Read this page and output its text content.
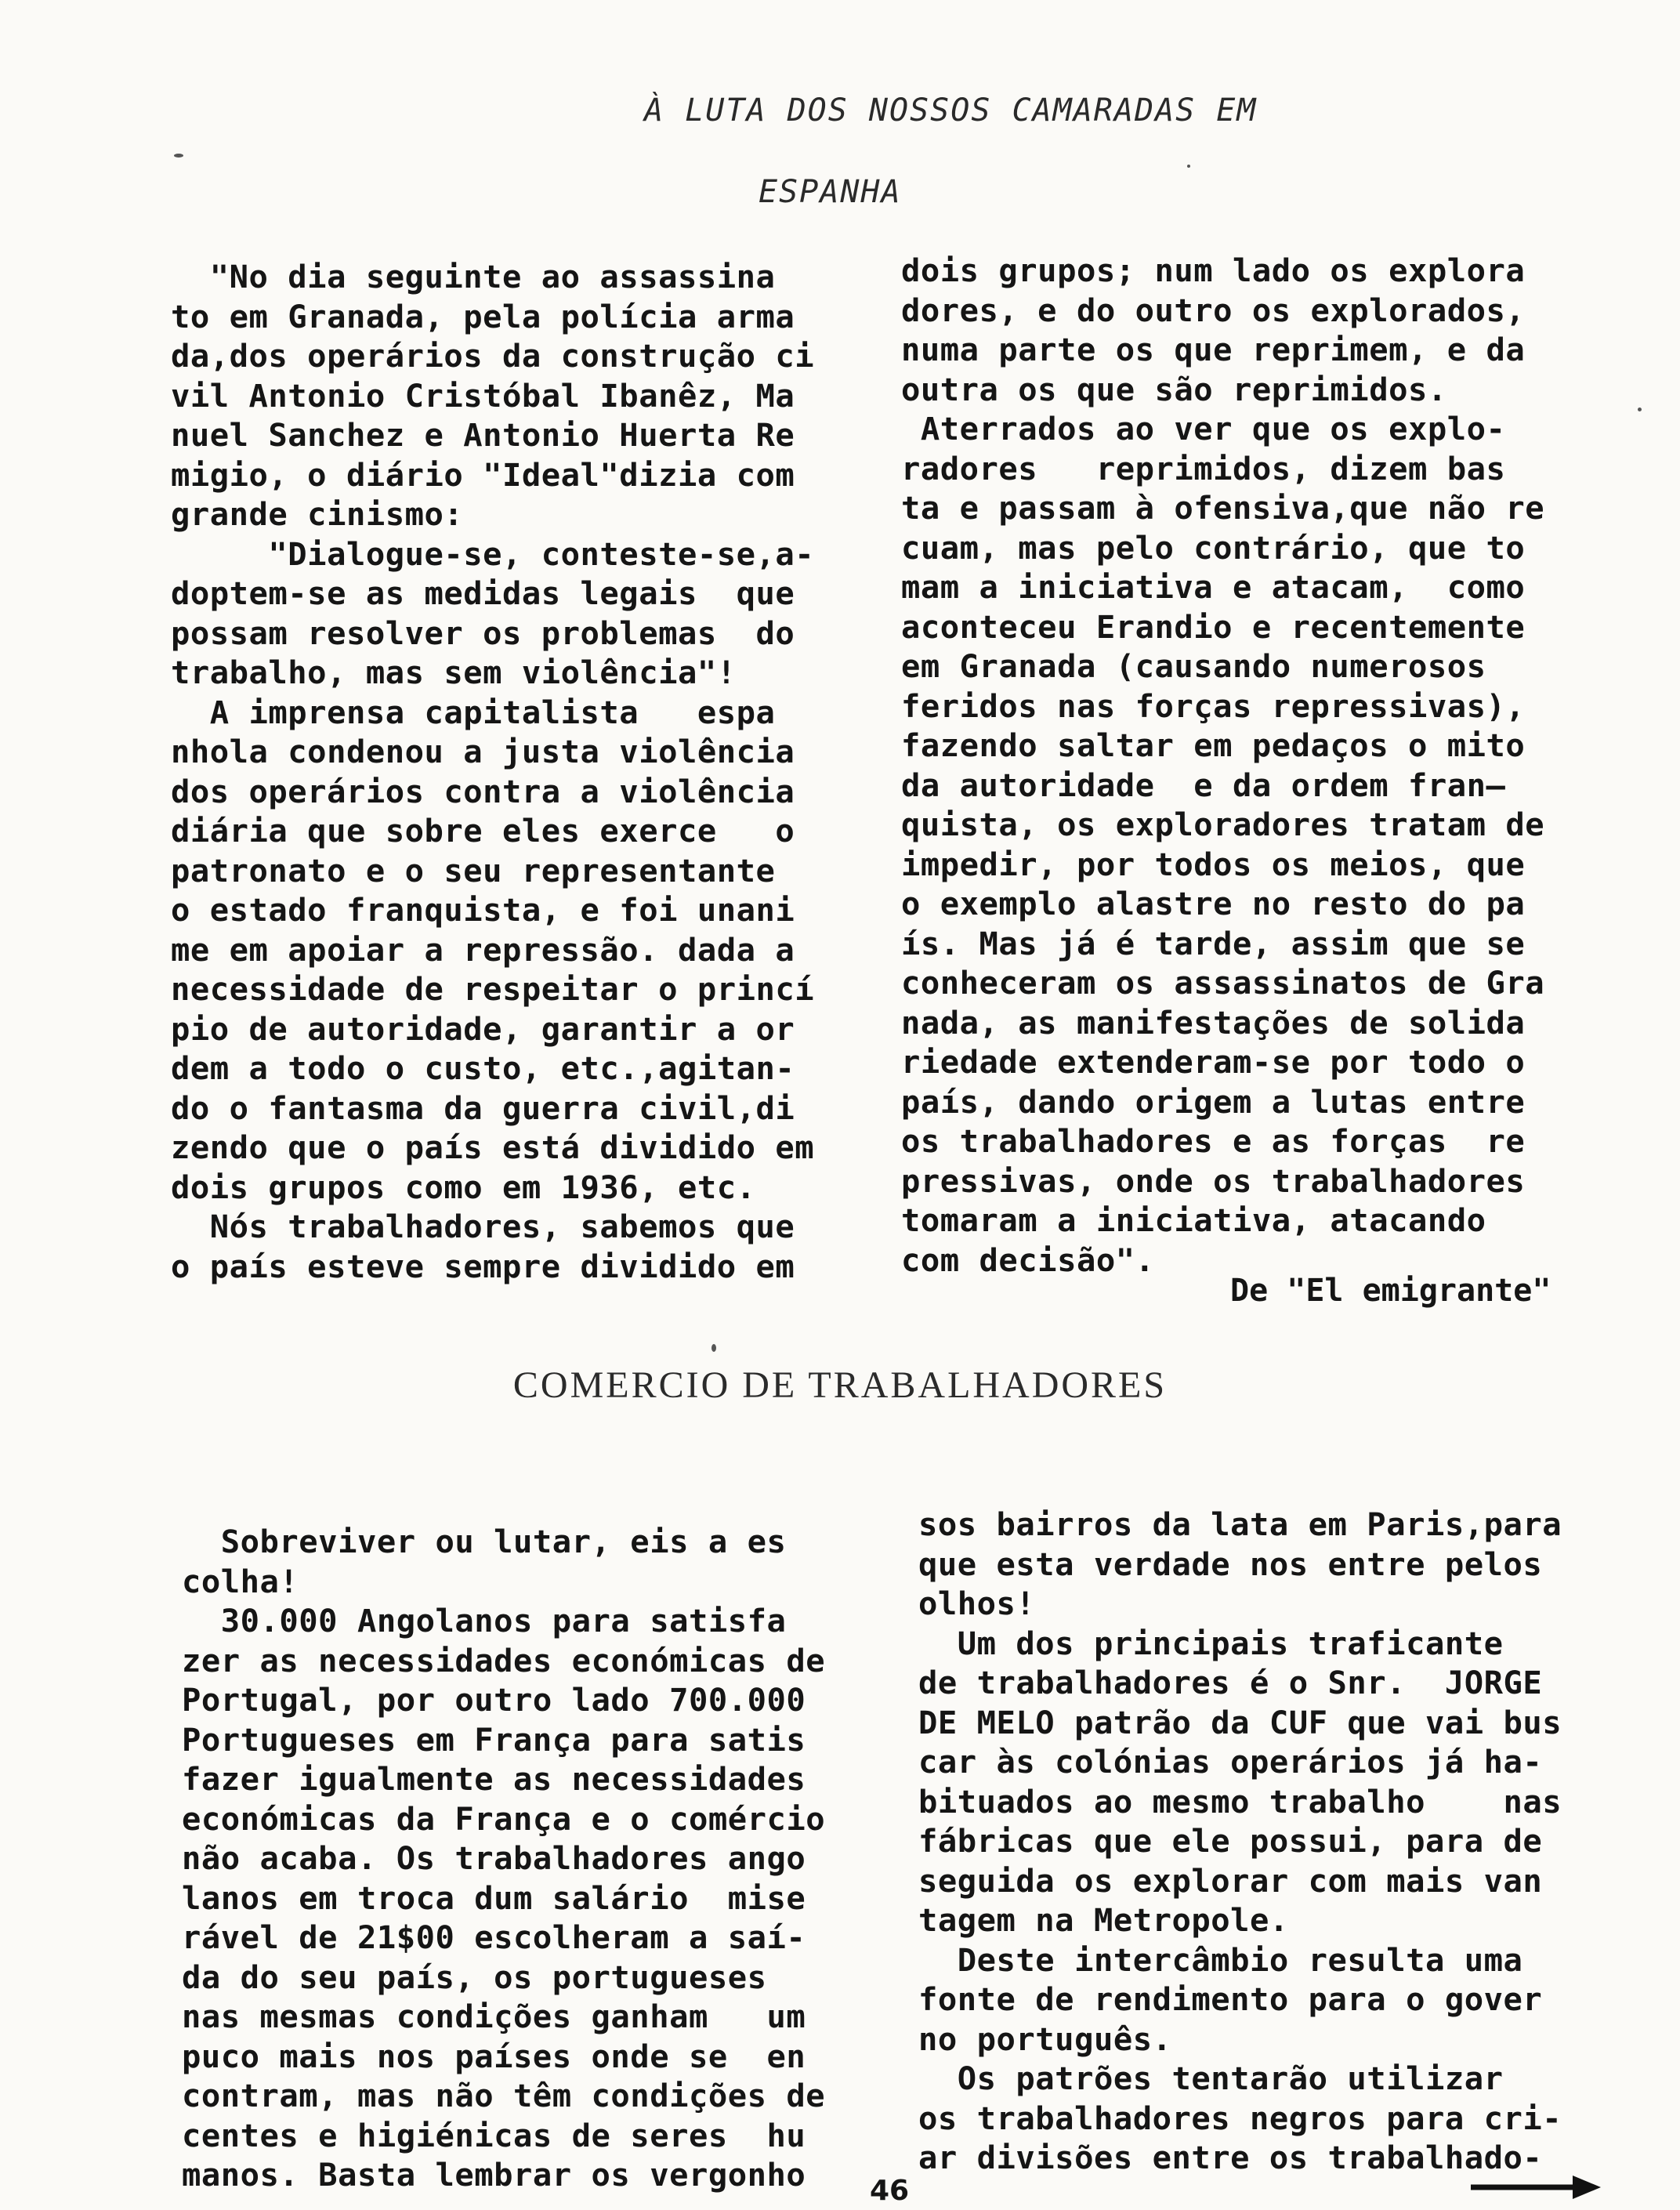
À LUTA DOS NOSSOS CAMARADAS EM
ESPANHA
"No dia seguinte ao assassina
to em Granada, pela polícia arma
da,dos operários da construção ci
vil Antonio Cristóbal Ibanêz, Ma
nuel Sanchez e Antonio Huerta Re
migio, o diário "Ideal"dizia com
grande cinismo:
"Dialogue-se, conteste-se,a-
doptem-se as medidas legais  que
possam resolver os problemas  do
trabalho, mas sem violência"!
A imprensa capitalista   espa
nhola condenou a justa violência
dos operários contra a violência
diária que sobre eles exerce   o
patronato e o seu representante
o estado franquista, e foi unani
me em apoiar a repressão. dada a
necessidade de respeitar o princí
pio de autoridade, garantir a or
dem a todo o custo, etc.,agitan-
do o fantasma da guerra civil,di
zendo que o país está dividido em
dois grupos como em 1936, etc.
Nós trabalhadores, sabemos que
o país esteve sempre dividido em
dois grupos; num lado os explora
dores, e do outro os explorados,
numa parte os que reprimem, e da
outra os que são reprimidos.
Aterrados ao ver que os explo-
radores   reprimidos, dizem bas
ta e passam à ofensiva,que não re
cuam, mas pelo contrário, que to
mam a iniciativa e atacam,  como
aconteceu Erandio e recentemente
em Granada (causando numerosos
feridos nas forças repressivas),
fazendo saltar em pedaços o mito
da autoridade  e da ordem fran—
quista, os exploradores tratam de
impedir, por todos os meios, que
o exemplo alastre no resto do pa
ís. Mas já é tarde, assim que se
conheceram os assassinatos de Gra
nada, as manifestações de solida
riedade extenderam-se por todo o
país, dando origem a lutas entre
os trabalhadores e as forças  re
pressivas, onde os trabalhadores
tomaram a iniciativa, atacando
com decisão".
De "El emigrante"
COMERCIO DE TRABALHADORES
Sobreviver ou lutar, eis a es
colha!
30.000 Angolanos para satisfa
zer as necessidades económicas de
Portugal, por outro lado 700.000
Portugueses em França para satis
fazer igualmente as necessidades
económicas da França e o comércio
não acaba. Os trabalhadores ango
lanos em troca dum salário  mise
rável de 21$00 escolheram a saí-
da do seu país, os portugueses
nas mesmas condições ganham   um
puco mais nos países onde se  en
contram, mas não têm condições de
centes e higiénicas de seres  hu
manos. Basta lembrar os vergonho
sos bairros da lata em Paris,para
que esta verdade nos entre pelos
olhos!
Um dos principais traficante
de trabalhadores é o Snr.  JORGE
DE MELO patrão da CUF que vai bus
car às colónias operários já ha-
bituados ao mesmo trabalho    nas
fábricas que ele possui, para de
seguida os explorar com mais van
tagem na Metropole.
Deste intercâmbio resulta uma
fonte de rendimento para o gover
no português.
Os patrões tentarão utilizar
os trabalhadores negros para cri-
ar divisões entre os trabalhado-
46
